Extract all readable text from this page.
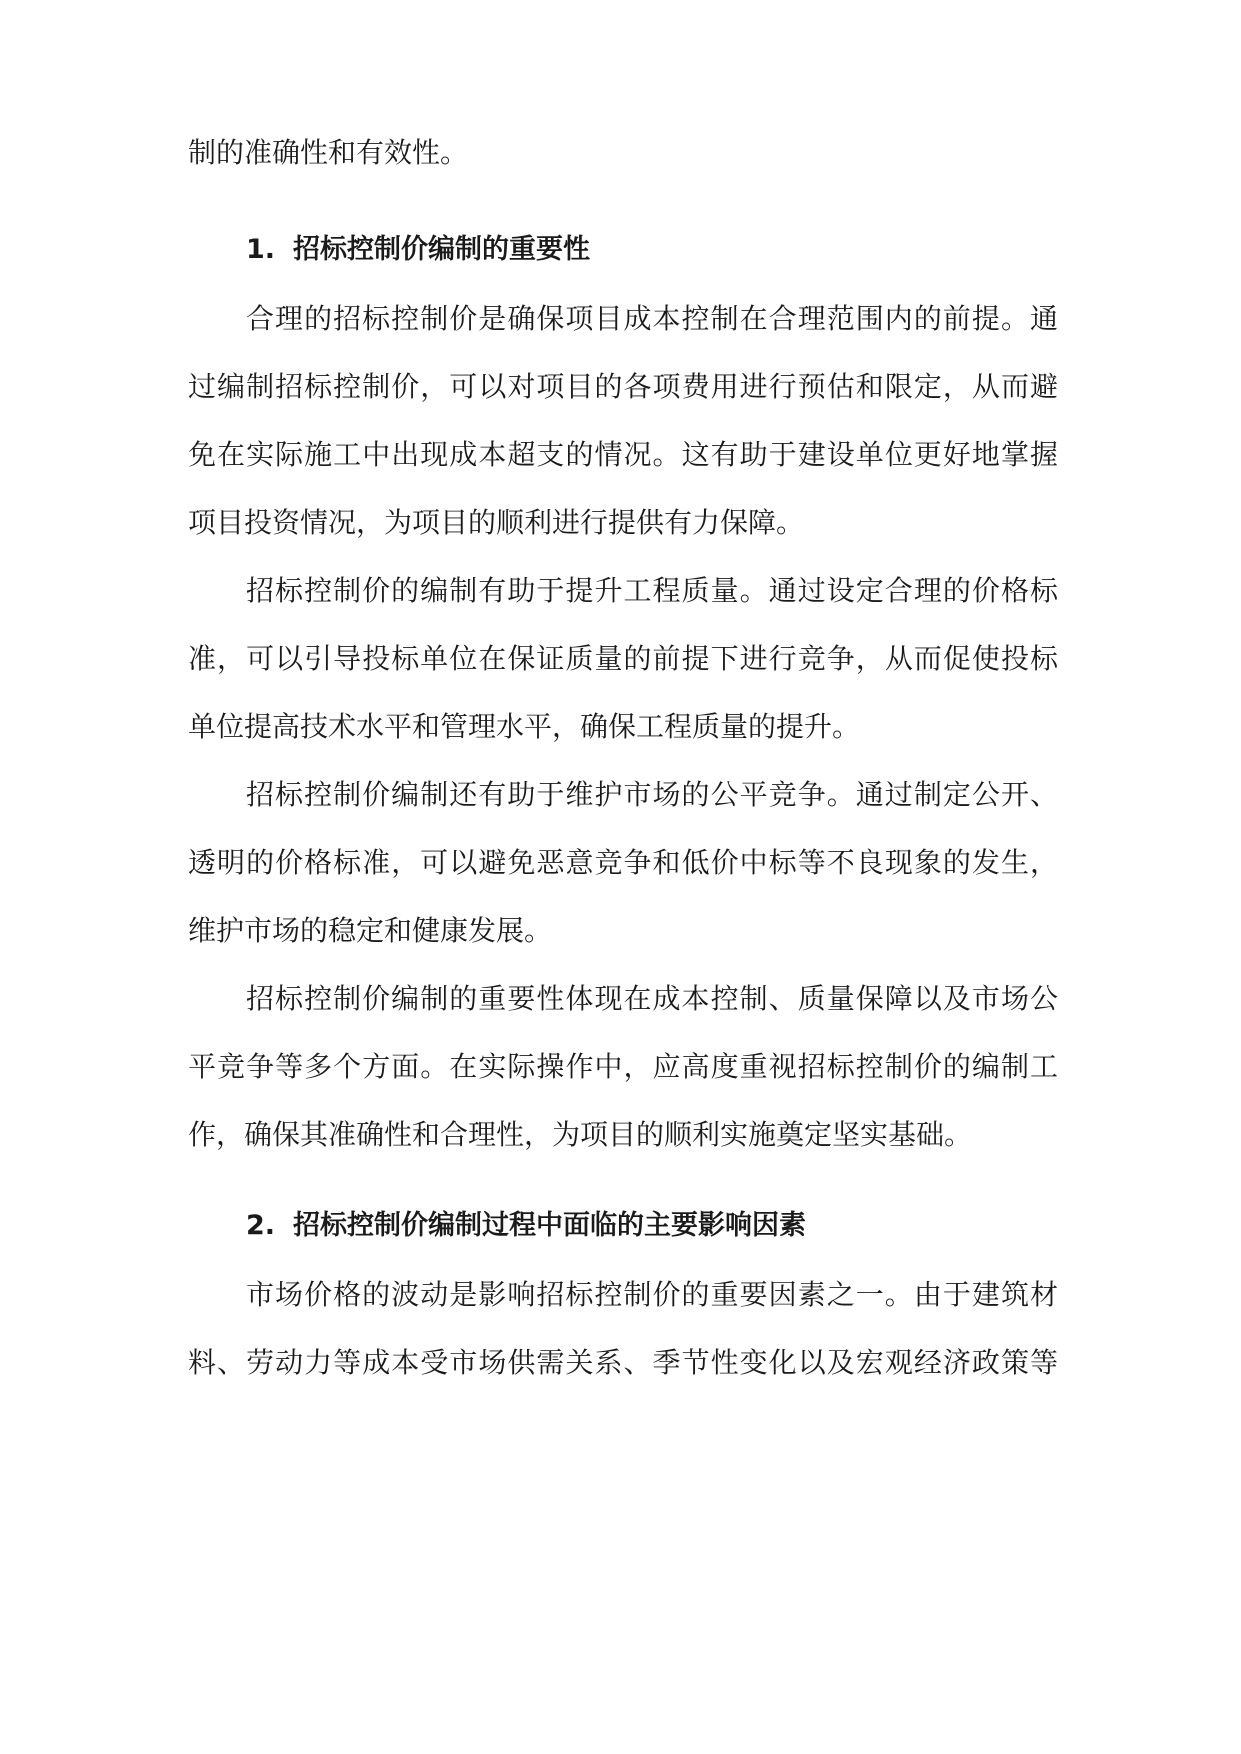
制的准确性和有效性。
1. 招标控制价编制的重要性
合理的招标控制价是确保项目成本控制在合理范围内的前提。通
过编制招标控制价，可以对项目的各项费用进行预估和限定，从而避
免在实际施工中出现成本超支的情况。这有助于建设单位更好地掌握
项目投资情况，为项目的顺利进行提供有力保障。
招标控制价的编制有助于提升工程质量。通过设定合理的价格标
准，可以引导投标单位在保证质量的前提下进行竞争，从而促使投标
单位提高技术水平和管理水平，确保工程质量的提升。
招标控制价编制还有助于维护市场的公平竞争。通过制定公开、
透明的价格标准，可以避免恶意竞争和低价中标等不良现象的发生，
维护市场的稳定和健康发展。
招标控制价编制的重要性体现在成本控制、质量保障以及市场公
平竞争等多个方面。在实际操作中，应高度重视招标控制价的编制工
作，确保其准确性和合理性，为项目的顺利实施奠定坚实基础。
2. 招标控制价编制过程中面临的主要影响因素
市场价格的波动是影响招标控制价的重要因素之一。由于建筑材
料、劳动力等成本受市场供需关系、季节性变化以及宏观经济政策等
